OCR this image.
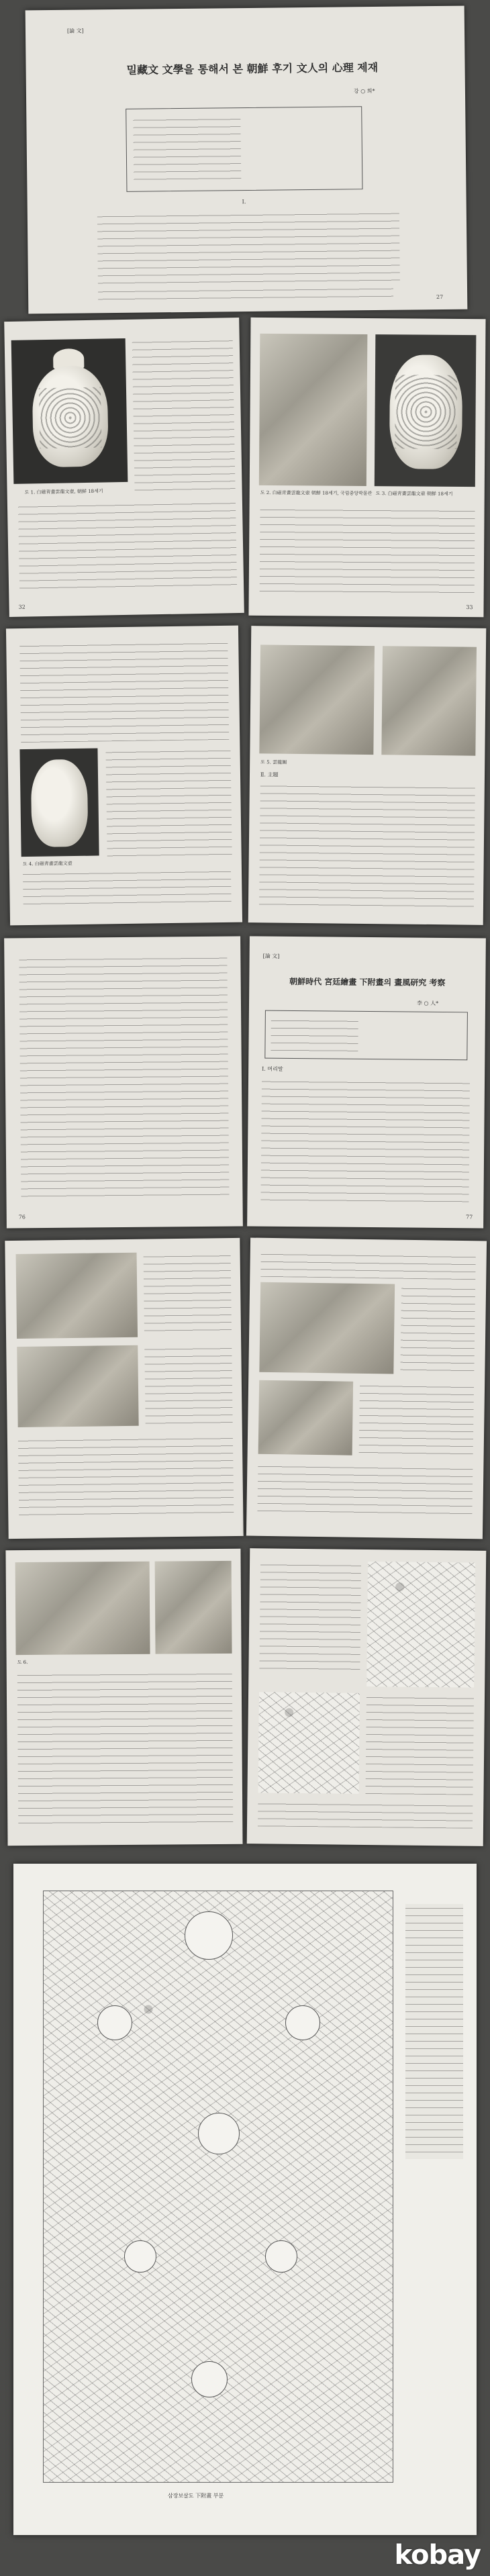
[論 文]
밀藏文 文學을 통해서 본 朝鮮 후기 文人의 心理 제재
강 ○ 희*
Ⅰ.
27
도 1. 白磁靑畫雲龍文壺, 朝鮮 18세기
32
도 2. 白磁靑畫雲龍文壺 朝鮮 18세기, 국립중앙박물관 도 3. 白磁靑畫雲龍文壺 朝鮮 18세기
33
도 4. 白磁靑畫雲龍文壺
도 5. 雲龍圖
Ⅱ. 主題
76
[論 文]
朝鮮時代 宮廷繪畫 下附畫의 畫風研究 考察
李 ○ 人*
Ⅰ. 머리말
77
도 6.
삼장보살도 下附畫 부분
kobay
